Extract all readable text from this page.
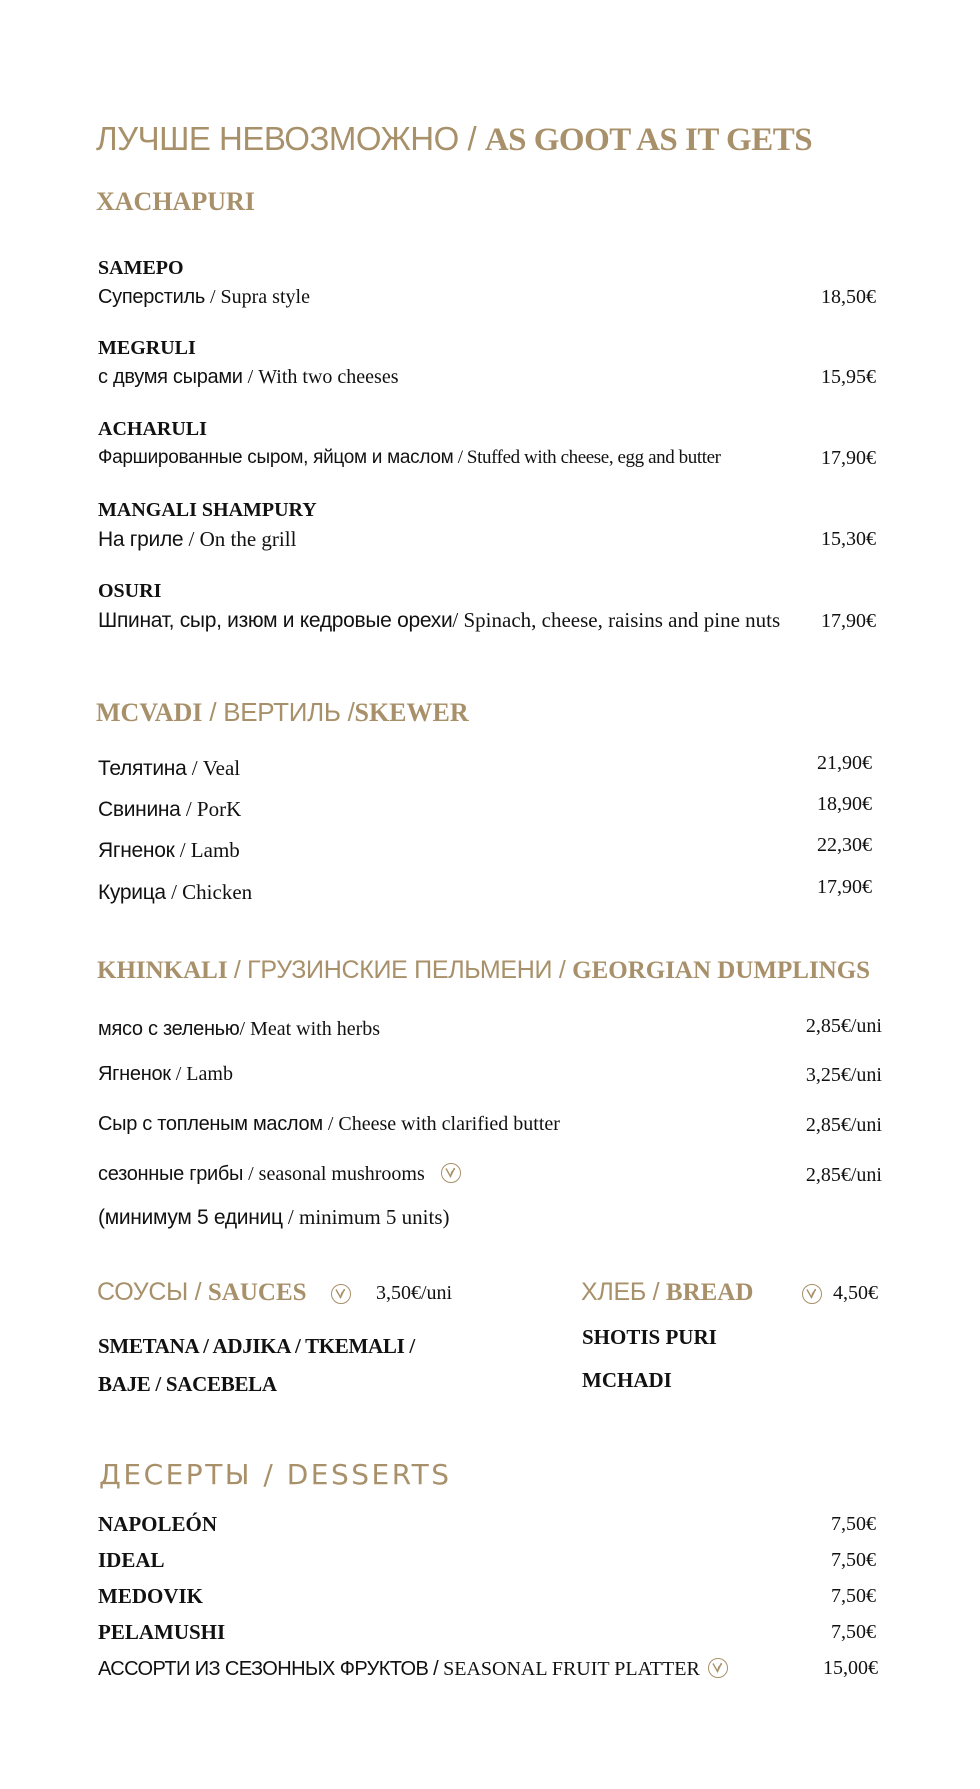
ЛУЧШЕ НЕВОЗМОЖНО / AS GOOT AS IT GETS
XACHAPURI
SAMEPO
Суперстиль / Supra style	18,50€
MEGRULI
с двумя сырами / With two cheeses	15,95€
ACHARULI
Фаршированные сыром, яйцом и маслом / Stuffed with cheese, egg and butter	17,90€
MANGALI SHAMPURY
На гриле / On the grill	15,30€
OSURI
Шпинат, сыр, изюм и кедровые орехи/ Spinach, cheese, raisins and pine nuts	17,90€
MCVADI / ВЕРТИЛЬ /SKEWER
Телятина / Veal	21,90€
Свинина / PorK	18,90€
Ягненок / Lamb	22,30€
Курица / Chicken	17,90€
KHINKALI / ГРУЗИНСКИЕ ПЕЛЬМЕНИ / GEORGIAN DUMPLINGS
мясо с зеленью/ Meat with herbs	2,85€/uni
Ягненок / Lamb	3,25€/uni
Сыр с топленым маслом / Cheese with clarified butter	2,85€/uni
сезонные грибы / seasonal mushrooms	2,85€/uni
(минимум 5 единиц / minimum 5 units)
СОУСЫ / SAUCES
	3,50€/uni
SMETANA / ADJIKA / TKEMALI /
BAJE / SACEBELA
ХЛЕБ / BREAD	4,50€
SHOTIS PURI
MCHADI
ДЕСЕРТЫ / DESSERTS
NAPOLEÓN	7,50€
IDEAL	7,50€
MEDOVIK	7,50€
PELAMUSHI	7,50€
АССОРТИ ИЗ СЕЗОННЫХ ФРУКТОВ / SEASONAL FRUIT PLATTER	15,00€
